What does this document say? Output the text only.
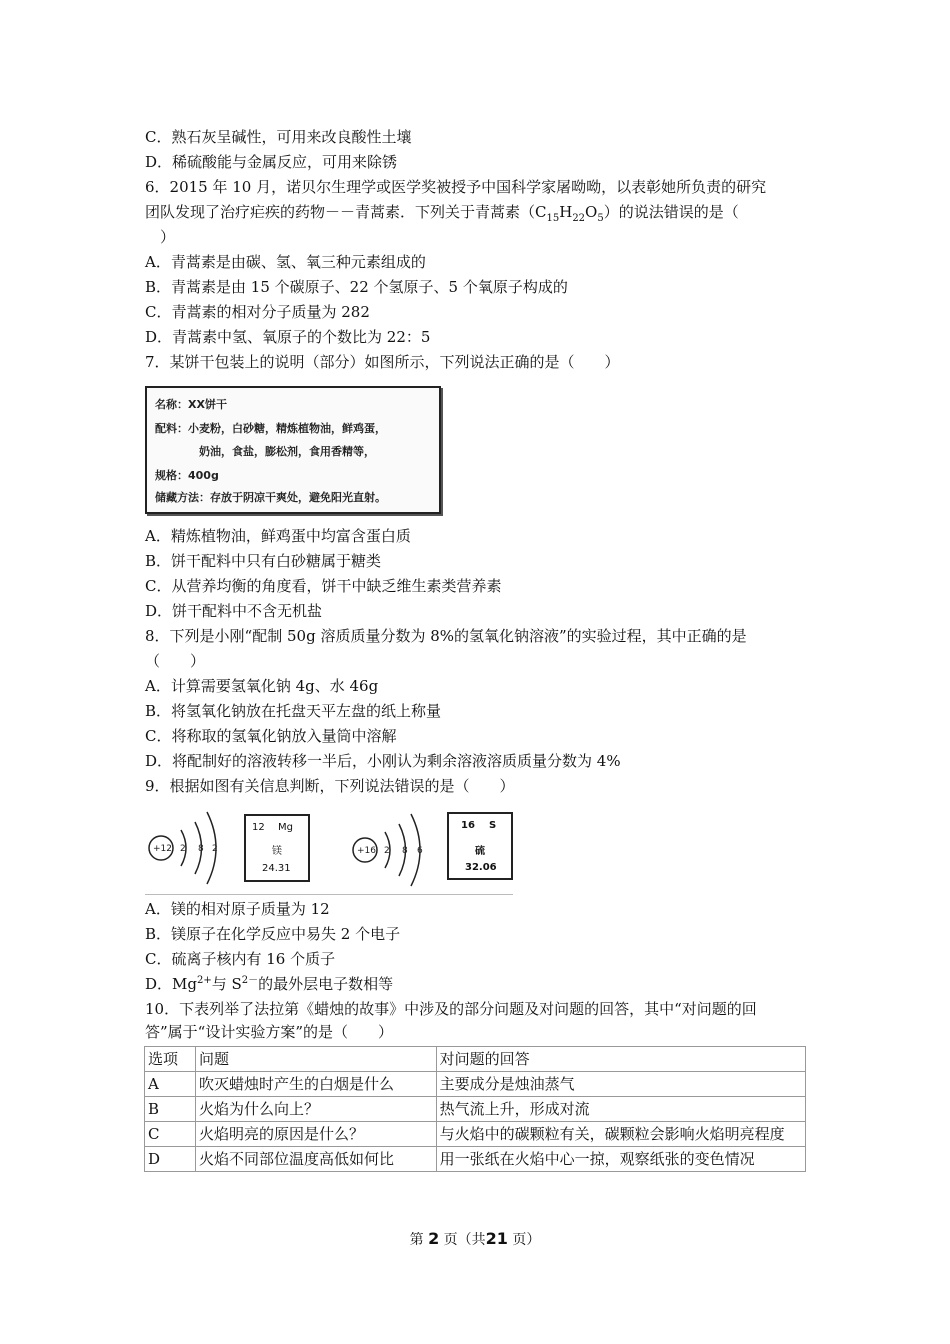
C．熟石灰呈碱性，可用来改良酸性土壤
D．稀硫酸能与金属反应，可用来除锈
6．2015 年 10 月，诺贝尔生理学或医学奖被授予中国科学家屠呦呦，以表彰她所负责的研究
团队发现了治疗疟疾的药物－－青蒿素．下列关于青蒿素$(C_{15}H_{22}O_5)$的说法错误的是（
　）
A．青蒿素是由碳、氢、氧三种元素组成的
B．青蒿素是由 15 个碳原子、22 个氢原子、5 个氧原子构成的
C．青蒿素的相对分子质量为 282
D．青蒿素中氢、氧原子的个数比为 22：5
7．某饼干包装上的说明（部分）如图所示，下列说法正确的是（　　）
名称：XX饼干
配料：小麦粉，白砂糖，精炼植物油，鲜鸡蛋，
奶油，食盐，膨松剂，食用香精等，
规格：400g
储藏方法：存放于阴凉干爽处，避免阳光直射。
A．精炼植物油，鲜鸡蛋中均富含蛋白质
B．饼干配料中只有白砂糖属于糖类
C．从营养均衡的角度看，饼干中缺乏维生素类营养素
D．饼干配料中不含无机盐
8．下列是小刚“配制 50g 溶质质量分数为 8%的氢氧化钠溶液”的实验过程，其中正确的是
（　　）
A．计算需要氢氧化钠 4g、水 46g
B．将氢氧化钠放在托盘天平左盘的纸上称量
C．将称取的氢氧化钠放入量筒中溶解
D．将配制好的溶液转移一半后，小刚认为剩余溶液溶质质量分数为 4%
9．根据如图有关信息判断，下列说法错误的是（　　）
+12 2 8 2	+16 2 8 6
12 Mg
镁
24.31
16 S
硫
32.06
A．镁的相对原子质量为 12
B．镁原子在化学反应中易失 2 个电子
C．硫离子核内有 16 个质子
D．$Mg^{2+}$与 $S^{2-}$的最外层电子数相等
10．下表列举了法拉第《蜡烛的故事》中涉及的部分问题及对问题的回答，其中“对问题的回
答”属于“设计实验方案”的是（　　）
选项	问题	对问题的回答
A	吹灭蜡烛时产生的白烟是什么	主要成分是烛油蒸气
B	火焰为什么向上？	热气流上升，形成对流
C	火焰明亮的原因是什么？	与火焰中的碳颗粒有关，碳颗粒会影响火焰明亮程度
D	火焰不同部位温度高低如何比	用一张纸在火焰中心一掠，观察纸张的变色情况
第 2 页（共21 页）
